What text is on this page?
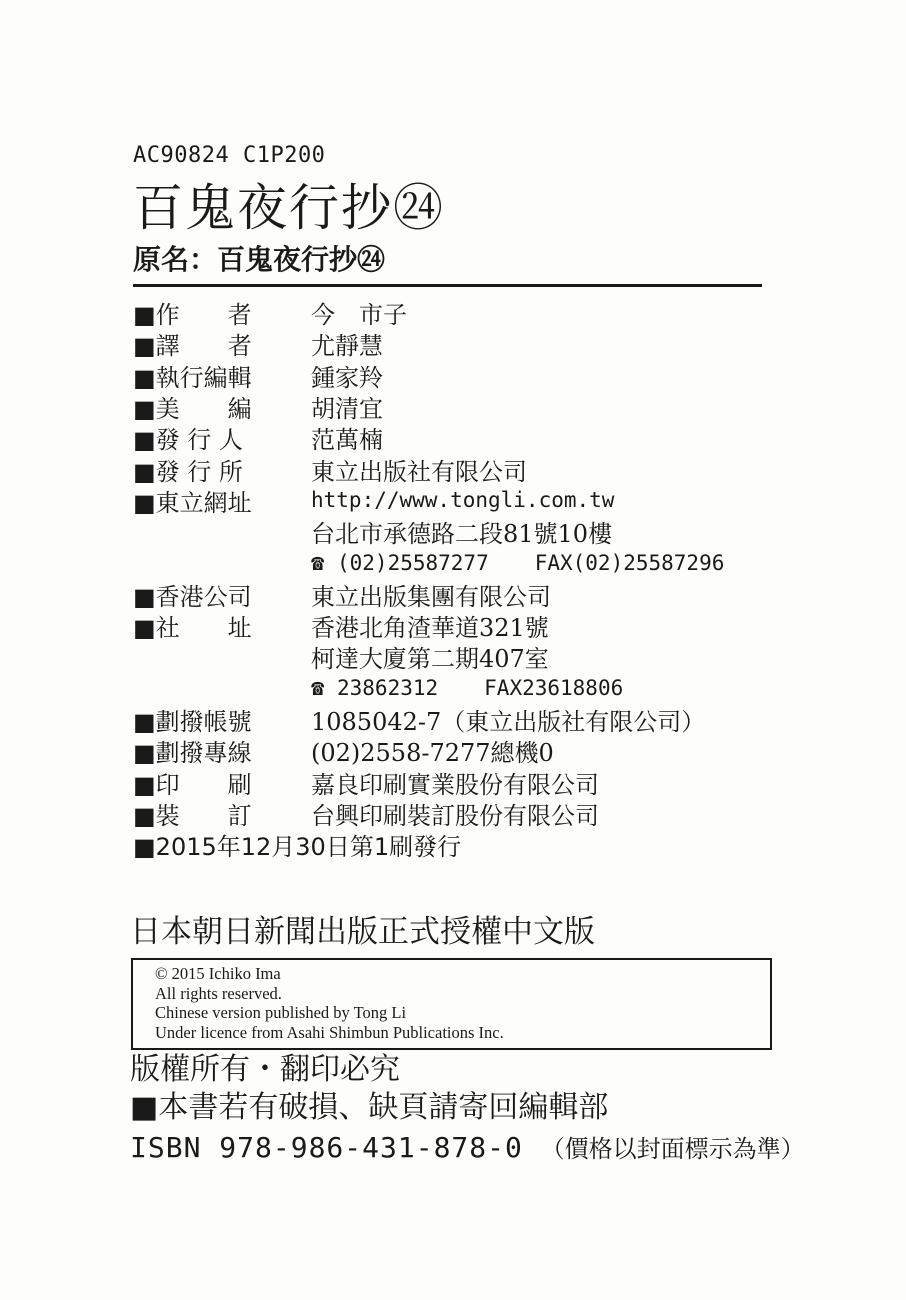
AC90824 C1P200
百鬼夜行抄㉔
原名：百鬼夜行抄㉔
■作　　者	今　市子
■譯　　者	尤靜慧
■執行編輯	鍾家羚
■美　　編	胡清宜
■發 行 人	范萬楠
■發 行 所	東立出版社有限公司
■東立網址	http://www.tongli.com.tw
台北市承德路二段81號10樓
☎ (02)25587277 FAX(02)25587296
■香港公司	東立出版集團有限公司
■社　　址	香港北角渣華道321號
柯達大廈第二期407室
☎ 23862312 FAX23618806
■劃撥帳號	1085042-7（東立出版社有限公司）
■劃撥專線	(02)2558-7277總機0
■印　　刷	嘉良印刷實業股份有限公司
■裝　　訂	台興印刷裝訂股份有限公司
■2015年12月30日第1刷發行
日本朝日新聞出版正式授權中文版
© 2015 Ichiko Ima
All rights reserved.
Chinese version published by Tong Li
Under licence from Asahi Shimbun Publications Inc.
版權所有・翻印必究
■本書若有破損、缺頁請寄回編輯部
ISBN 978-986-431-878-0 （價格以封面標示為準）
